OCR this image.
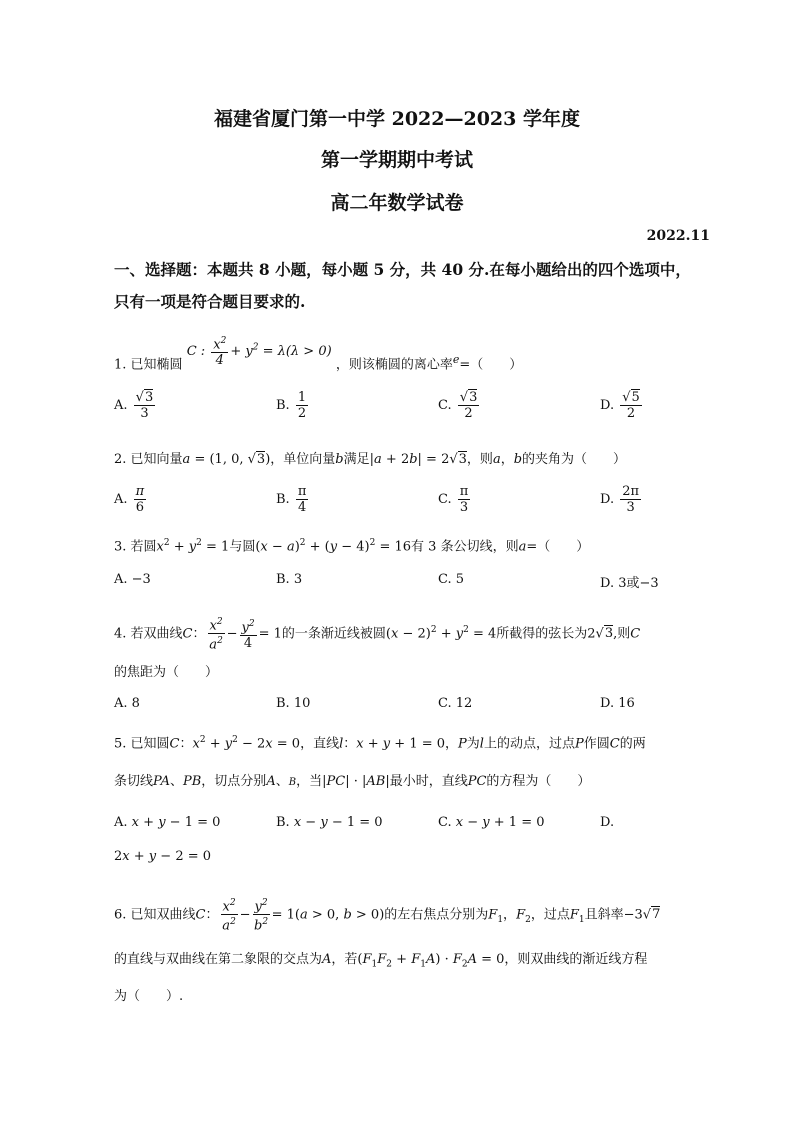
福建省厦门第一中学 2022—2023 学年度
第一学期期中考试
高二年数学试卷
2022.11
一、选择题：本题共 8 小题，每小题 5 分，共 40 分.在每小题给出的四个选项中，
只有一项是符合题目要求的.
1. 已知椭圆 C : $\frac{x^2}{4} + y^2 = \lambda(\lambda > 0)$ ，则该椭圆的离心率$^e$=（　　）
A. $\frac{√3}{3}$	B. $\frac{1}{2}$	C. $\frac{√3}{2}$	D. $\frac{√5}{2}$
2. 已知向量a = (1, 0, √3)，单位向量b满足|a + 2b| = 2√3，则a，b的夹角为（　　）
A. $\frac{\pi}{6}$	B. $\frac{\pi}{4}$	C. $\frac{\pi}{3}$	D. $\frac{2\pi}{3}$
3. 若圆$x^2 + y^2 = 1$与圆$(x - a)^2 + (y - 4)^2 = 16$有 3 条公切线，则a=（　　）
A. −3	B. 3	C. 5	D. 3或−3
4. 若双曲线C： $\frac{x^2}{a^2} - \frac{y^2}{4} = 1$的一条渐近线被圆$(x - 2)^2 + y^2 = 4$所截得的弦长为2√3,则C
的焦距为（　　）
A. 8	B. 10	C. 12	D. 16
5. 已知圆C：$x^2 + y^2 - 2x = 0$，直线l：x + y + 1 = 0，P为l上的动点，过点P作圆C的两
条切线PA、PB，切点分别A、B，当|PC| · |AB|最小时，直线PC的方程为（　　）
A. x + y − 1 = 0	B. x − y − 1 = 0	C. x − y + 1 = 0	D.
2x + y − 2 = 0
6. 已知双曲线C： $\frac{x^2}{a^2} - \frac{y^2}{b^2} = 1(a > 0$, b > 0)的左右焦点分别为$F_1$，$F_2$，过点$F_1$且斜率−3√7
的直线与双曲线在第二象限的交点为A，若$(F_1F_2 + F_1A) \cdot F_2A = 0$，则双曲线的渐近线方程
为（　　）.
